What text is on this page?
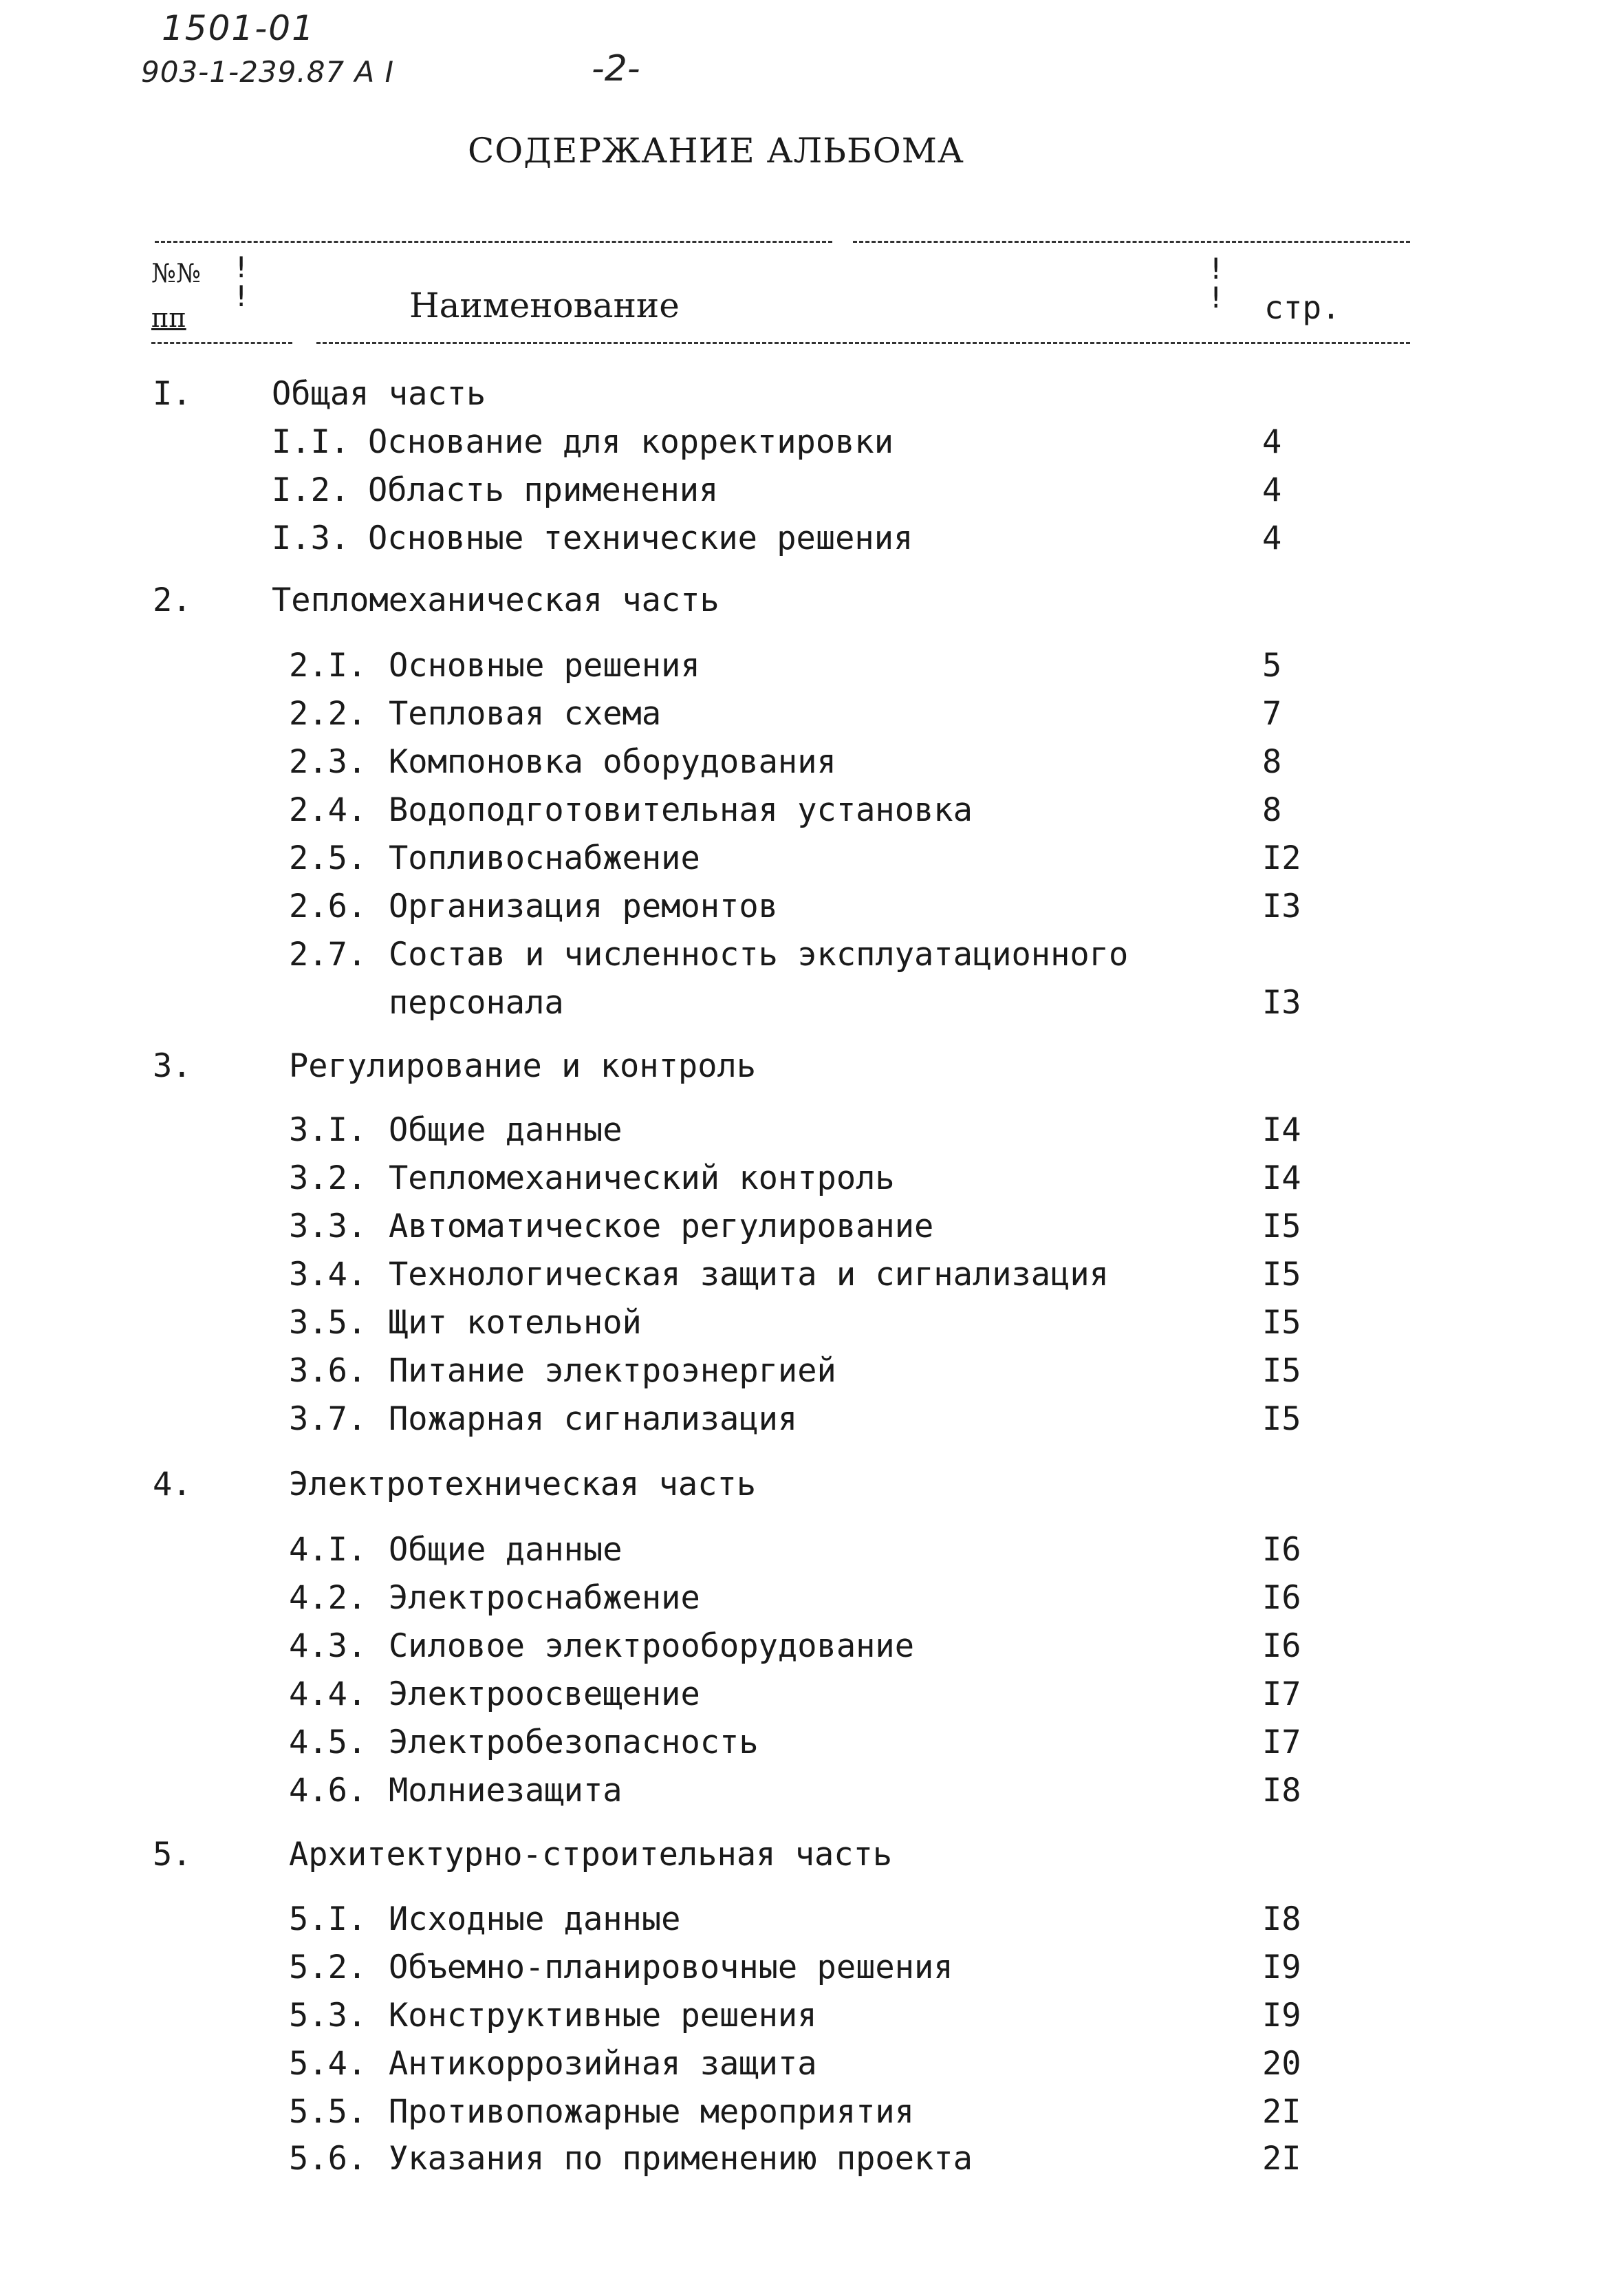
1501-01
903-1-239.87 А I	-2-
СОДЕРЖАНИЕ АЛЬБОМА
№№
пп
!
!	Наименование
!
! стр.
I. Общая часть
I.I. Основание для корректировки	4
I.2. Область применения	4
I.3. Основные технические решения	4
2. Тепломеханическая часть
2.I. Основные решения	5
2.2. Тепловая схема	7
2.3. Компоновка оборудования	8
2.4. Водоподготовительная установка	8
2.5. Топливоснабжение	I2
2.6. Организация ремонтов	I3
2.7. Состав и численность эксплуатационного
персонала	I3
3.	Регулирование и контроль
3.I. Общие данные	I4
3.2. Тепломеханический контроль	I4
3.3. Автоматическое регулирование	I5
3.4. Технологическая защита и сигнализация	I5
3.5. Щит котельной	I5
3.6. Питание электроэнергией	I5
3.7. Пожарная сигнализация	I5
4.	Электротехническая часть
4.I. Общие данные	I6
4.2. Электроснабжение	I6
4.3. Силовое электрооборудование	I6
4.4. Электроосвещение	I7
4.5. Электробезопасность	I7
4.6. Молниезащита	I8
5.	Архитектурно-строительная часть
5.I. Исходные данные	I8
5.2. Объемно-планировочные решения	I9
5.3. Конструктивные решения	I9
5.4. Антикоррозийная защита	20
5.5. Противопожарные мероприятия	2I
5.6. Указания по применению проекта	2I
